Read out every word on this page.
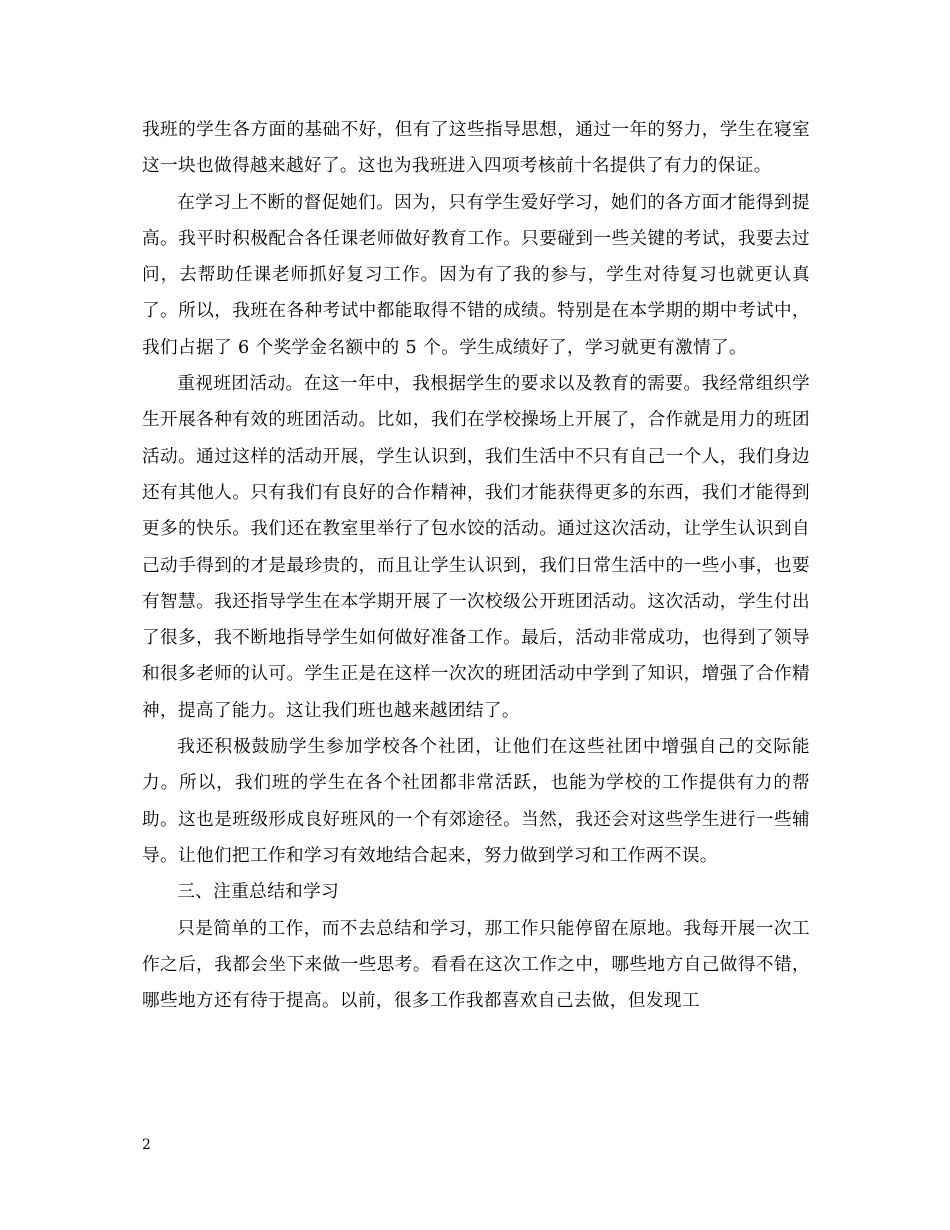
我班的学生各方面的基础不好，但有了这些指导思想，通过一年的努力，学生在寝室这一块也做得越来越好了。这也为我班进入四项考核前十名提供了有力的保证。

在学习上不断的督促她们。因为，只有学生爱好学习，她们的各方面才能得到提高。我平时积极配合各任课老师做好教育工作。只要碰到一些关键的考试，我要去过问，去帮助任课老师抓好复习工作。因为有了我的参与，学生对待复习也就更认真了。所以，我班在各种考试中都能取得不错的成绩。特别是在本学期的期中考试中，我们占据了 6 个奖学金名额中的 5 个。学生成绩好了，学习就更有激情了。

重视班团活动。在这一年中，我根据学生的要求以及教育的需要。我经常组织学生开展各种有效的班团活动。比如，我们在学校操场上开展了，合作就是用力的班团活动。通过这样的活动开展，学生认识到，我们生活中不只有自己一个人，我们身边还有其他人。只有我们有良好的合作精神，我们才能获得更多的东西，我们才能得到更多的快乐。我们还在教室里举行了包水饺的活动。通过这次活动，让学生认识到自己动手得到的才是最珍贵的，而且让学生认识到，我们日常生活中的一些小事，也要有智慧。我还指导学生在本学期开展了一次校级公开班团活动。这次活动，学生付出了很多，我不断地指导学生如何做好准备工作。最后，活动非常成功，也得到了领导和很多老师的认可。学生正是在这样一次次的班团活动中学到了知识，增强了合作精神，提高了能力。这让我们班也越来越团结了。

我还积极鼓励学生参加学校各个社团，让他们在这些社团中增强自己的交际能力。所以，我们班的学生在各个社团都非常活跃，也能为学校的工作提供有力的帮助。这也是班级形成良好班风的一个有郊途径。当然，我还会对这些学生进行一些辅导。让他们把工作和学习有效地结合起来，努力做到学习和工作两不误。

三、注重总结和学习

只是简单的工作，而不去总结和学习，那工作只能停留在原地。我每开展一次工作之后，我都会坐下来做一些思考。看看在这次工作之中，哪些地方自己做得不错，哪些地方还有待于提高。以前，很多工作我都喜欢自己去做，但发现工

2
